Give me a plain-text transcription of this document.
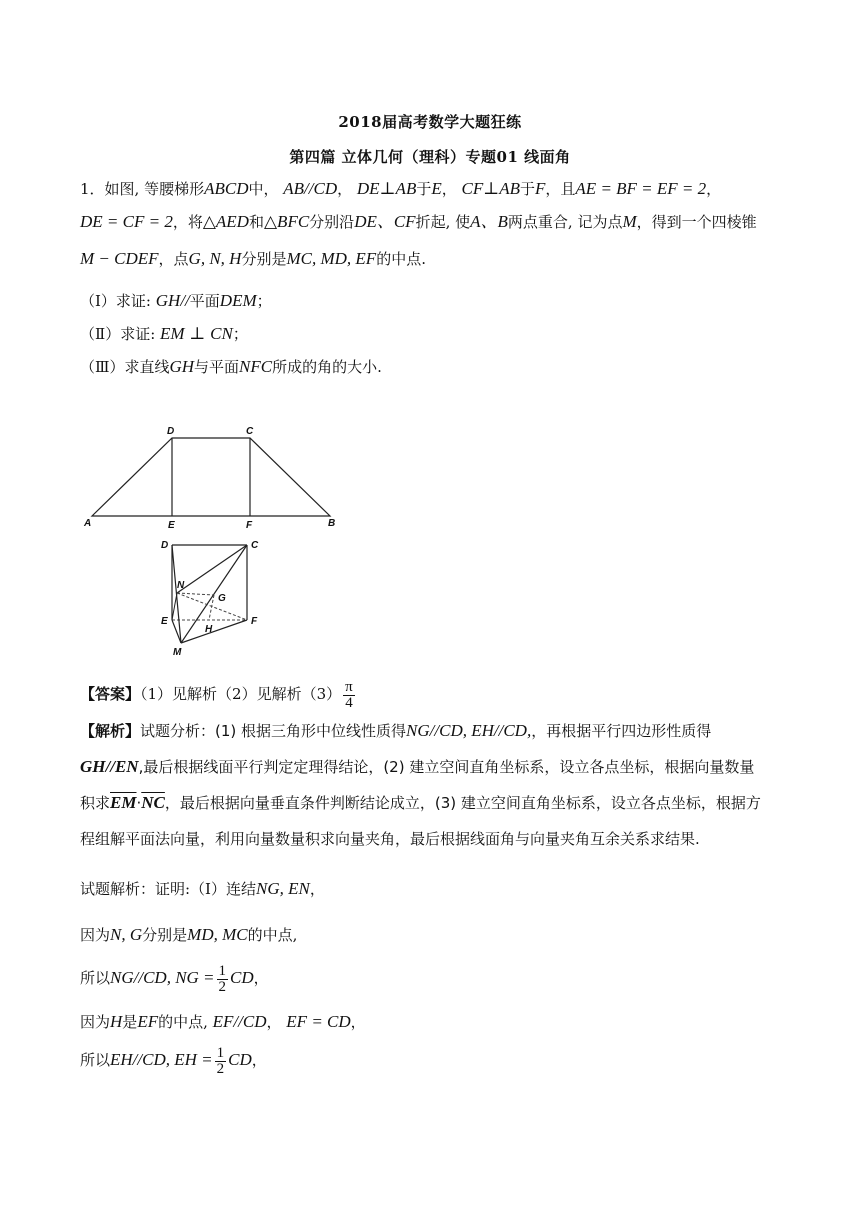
2018届高考数学大题狂练
第四篇 立体几何（理科）专题01 线面角
1．如图, 等腰梯形ABCD中， AB//CD， DE⊥AB于E， CF⊥AB于F，且AE = BF = EF = 2，
DE = CF = 2，将△AED和△BFC分别沿DE、CF折起, 使A、B两点重合, 记为点M，得到一个四棱锥
M − CDEF，点G, N, H分别是MC, MD, EF的中点.
（Ⅰ）求证: GH//平面DEM；
（Ⅱ）求证: EM ⊥ CN；
（Ⅲ）求直线GH与平面NFC所成的角的大小.
D	C
A	E	F	B
D	C
N
G
E	F
H
M
【答案】（1）见解析（2）见解析$(3) \frac{\pi}{4}$
【解析】试题分析：(1) 根据三角形中位线性质得NG//CD, EH//CD,，再根据平行四边形性质得
GH//EN,最后根据线面平行判定定理得结论，(2) 建立空间直角坐标系，设立各点坐标，根据向量数量
积求$\overline{EM}\cdot\overline{NC}$，最后根据向量垂直条件判断结论成立，(3) 建立空间直角坐标系，设立各点坐标，根据方
程组解平面法向量，利用向量数量积求向量夹角，最后根据线面角与向量夹角互余关系求结果.
试题解析：证明:（Ⅰ）连结NG, EN，
因为N, G分别是MD, MC的中点,
所以NG//CD, NG = $\frac{1}{2}$ CD，
因为H是EF的中点, EF//CD， EF = CD，
所以EH//CD, EH = $\frac{1}{2}$ CD，
